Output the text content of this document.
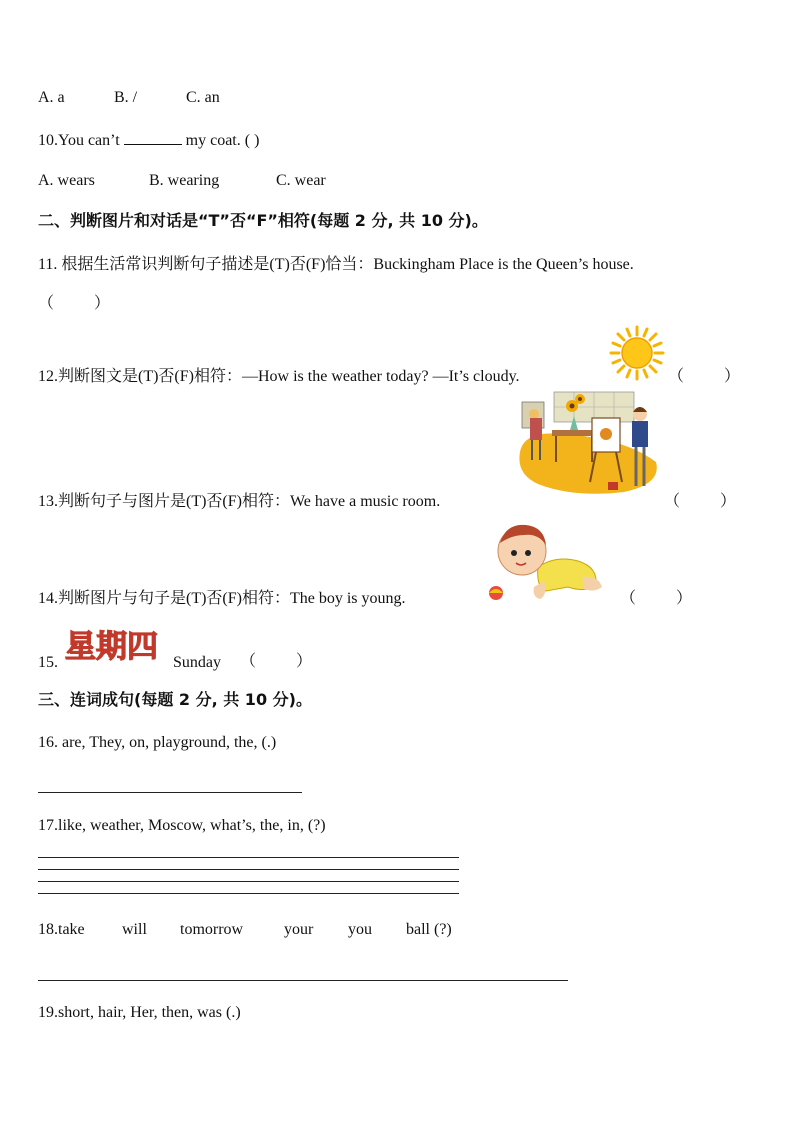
A. a	B. /	C. an
10.You can’t	my coat. ( )
A. wears	B. wearing	C. wear
二、判断图片和对话是“T”否“F”相符(每题 2 分, 共 10 分)。
11. 根据生活常识判断句子描述是(T)否(F)恰当：Buckingham Place is the Queen’s house.
（          ）
12.判断图文是(T)否(F)相符：—How is the weather today? —It’s cloudy.	（          ）
13.判断句子与图片是(T)否(F)相符：We have a music room.	（          ）
14.判断图片与句子是(T)否(F)相符：The boy is young.	（          ）
15. 星期四 Sunday （          ）
三、连词成句(每题 2 分, 共 10 分)。
16. are, They, on, playground, the, (.)
17.like, weather, Moscow, what’s, the, in, (?)
18.take will tomorrow	your you ball (?)
19.short, hair, Her, then, was (.)
